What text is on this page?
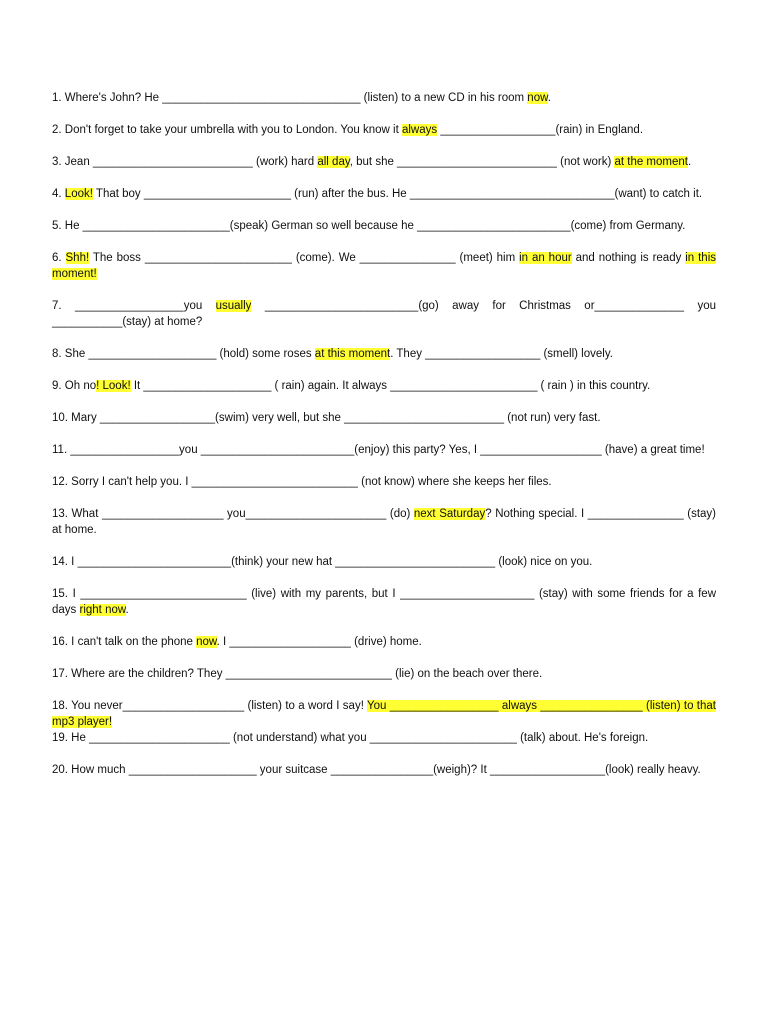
1. Where's John? He _______________________________ (listen) to a new CD in his room now.
2. Don't forget to take your umbrella with you to London. You know it always __________________(rain) in England.
3. Jean _________________________ (work) hard all day, but she _________________________ (not work) at the moment.
4. Look! That boy _______________________ (run) after the bus. He ________________________________(want) to catch it.
5. He _______________________(speak) German so well because he ________________________(come) from Germany.
6. Shh! The boss _______________________ (come). We _______________ (meet) him in an hour and nothing is ready in this moment!
7. _________________you usually ________________________(go) away for Christmas or______________ you ___________(stay) at home?
8. She ____________________ (hold) some roses at this moment. They __________________ (smell) lovely.
9. Oh no! Look! It ____________________ ( rain) again. It always _______________________ ( rain ) in this country.
10. Mary __________________(swim) very well, but she _________________________ (not run) very fast.
11. _________________you ________________________(enjoy) this party? Yes, I ___________________ (have) a great time!
12. Sorry I can't help you. I __________________________ (not know) where she keeps her files.
13. What ___________________ you______________________ (do) next Saturday? Nothing special. I _______________ (stay) at home.
14. I ________________________(think) your new hat _________________________ (look) nice on you.
15. I __________________________ (live) with my parents, but I _____________________ (stay) with some friends for a few days right now.
16. I can't talk on the phone now. I ___________________ (drive) home.
17. Where are the children? They __________________________ (lie) on the beach over there.
18. You never___________________ (listen) to a word I say! You _________________ always ________________ (listen) to that mp3 player!
19. He ______________________ (not understand) what you _______________________ (talk) about. He's foreign.
20. How much ____________________ your suitcase ________________(weigh)? It __________________(look) really heavy.
